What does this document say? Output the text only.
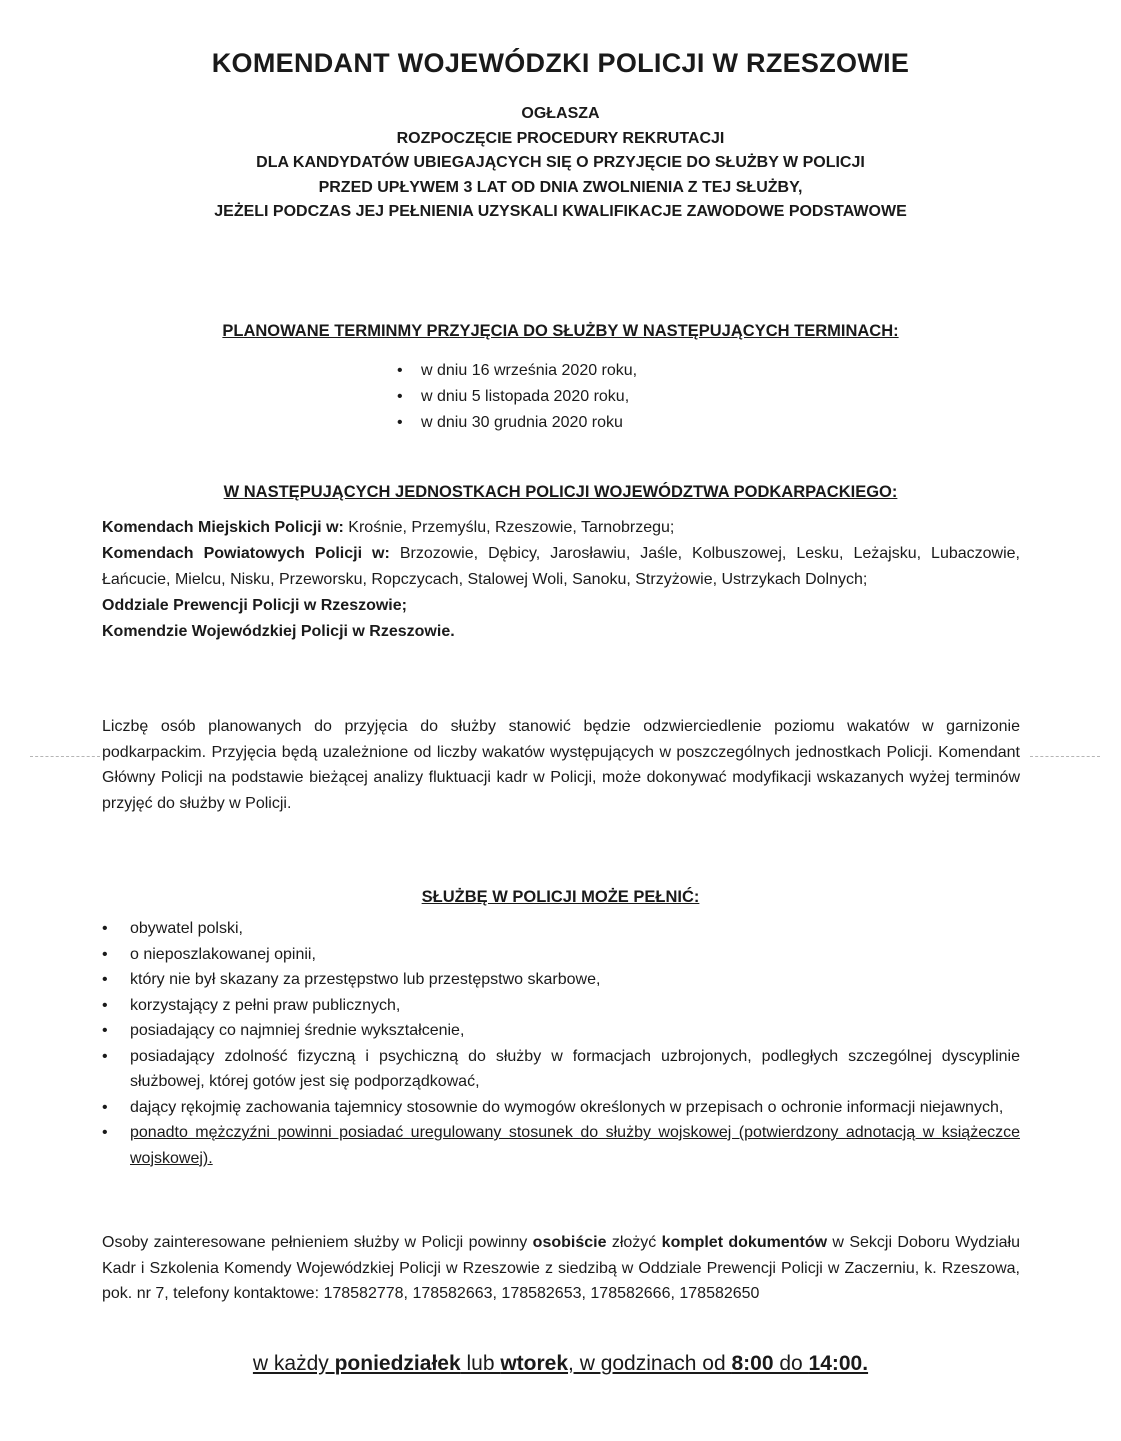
KOMENDANT WOJEWÓDZKI POLICJI W RZESZOWIE
OGŁASZA
ROZPOCZĘCIE PROCEDURY REKRUTACJI
DLA KANDYDATÓW UBIEGAJĄCYCH SIĘ O PRZYJĘCIE DO SŁUŻBY W POLICJI
PRZED UPŁYWEM 3 LAT OD DNIA ZWOLNIENIA Z TEJ SŁUŻBY,
JEŻELI PODCZAS JEJ PEŁNIENIA UZYSKALI KWALIFIKACJE ZAWODOWE PODSTAWOWE
PLANOWANE TERMINMY PRZYJĘCIA DO SŁUŻBY W NASTĘPUJĄCYCH TERMINACH:
• w dniu 16 września 2020 roku,
• w dniu 5 listopada 2020 roku,
• w dniu 30 grudnia 2020 roku
W NASTĘPUJĄCYCH JEDNOSTKACH POLICJI WOJEWÓDZTWA PODKARPACKIEGO:

Komendach Miejskich Policji w: Krośnie, Przemyślu, Rzeszowie, Tarnobrzegu;

Komendach Powiatowych Policji w: Brzozowie, Dębicy, Jarosławiu, Jaśle, Kolbuszowej, Lesku, Leżajsku, Lubaczowie, Łańcucie, Mielcu, Nisku, Przeworsku, Ropczycach, Stalowej Woli, Sanoku, Strzyżowie, Ustrzykach Dolnych;

Oddziale Prewencji Policji w Rzeszowie;

Komendzie Wojewódzkiej Policji w Rzeszowie.

Liczbę osób planowanych do przyjęcia do służby stanowić będzie odzwierciedlenie poziomu wakatów w garnizonie podkarpackim. Przyjęcia będą uzależnione od liczby wakatów występujących w poszczególnych jednostkach Policji. Komendant Główny Policji na podstawie bieżącej analizy fluktuacji kadr w Policji, może dokonywać modyfikacji wskazanych wyżej terminów przyjęć do służby w Policji.

SŁUŻBĘ W POLICJI MOŻE PEŁNIĆ:
• obywatel polski,
• o nieposzlakowanej opinii,
• który nie był skazany za przestępstwo lub przestępstwo skarbowe,
• korzystający z pełni praw publicznych,
• posiadający co najmniej średnie wykształcenie,
• posiadający zdolność fizyczną i psychiczną do służby w formacjach uzbrojonych, podległych szczególnej dyscyplinie służbowej, której gotów jest się podporządkować,
• dający rękojmię zachowania tajemnicy stosownie do wymogów określonych w przepisach o ochronie informacji niejawnych,
• ponadto mężczyźni powinni posiadać uregulowany stosunek do służby wojskowej (potwierdzony adnotacją w książeczce wojskowej).

Osoby zainteresowane pełnieniem służby w Policji powinny osobiście złożyć komplet dokumentów w Sekcji Doboru Wydziału Kadr i Szkolenia Komendy Wojewódzkiej Policji w Rzeszowie z siedzibą w Oddziale Prewencji Policji w Zaczerniu, k. Rzeszowa, pok. nr 7, telefony kontaktowe: 178582778, 178582663, 178582653, 178582666, 178582650

w każdy poniedziałek lub wtorek, w godzinach od 8:00 do 14:00.
